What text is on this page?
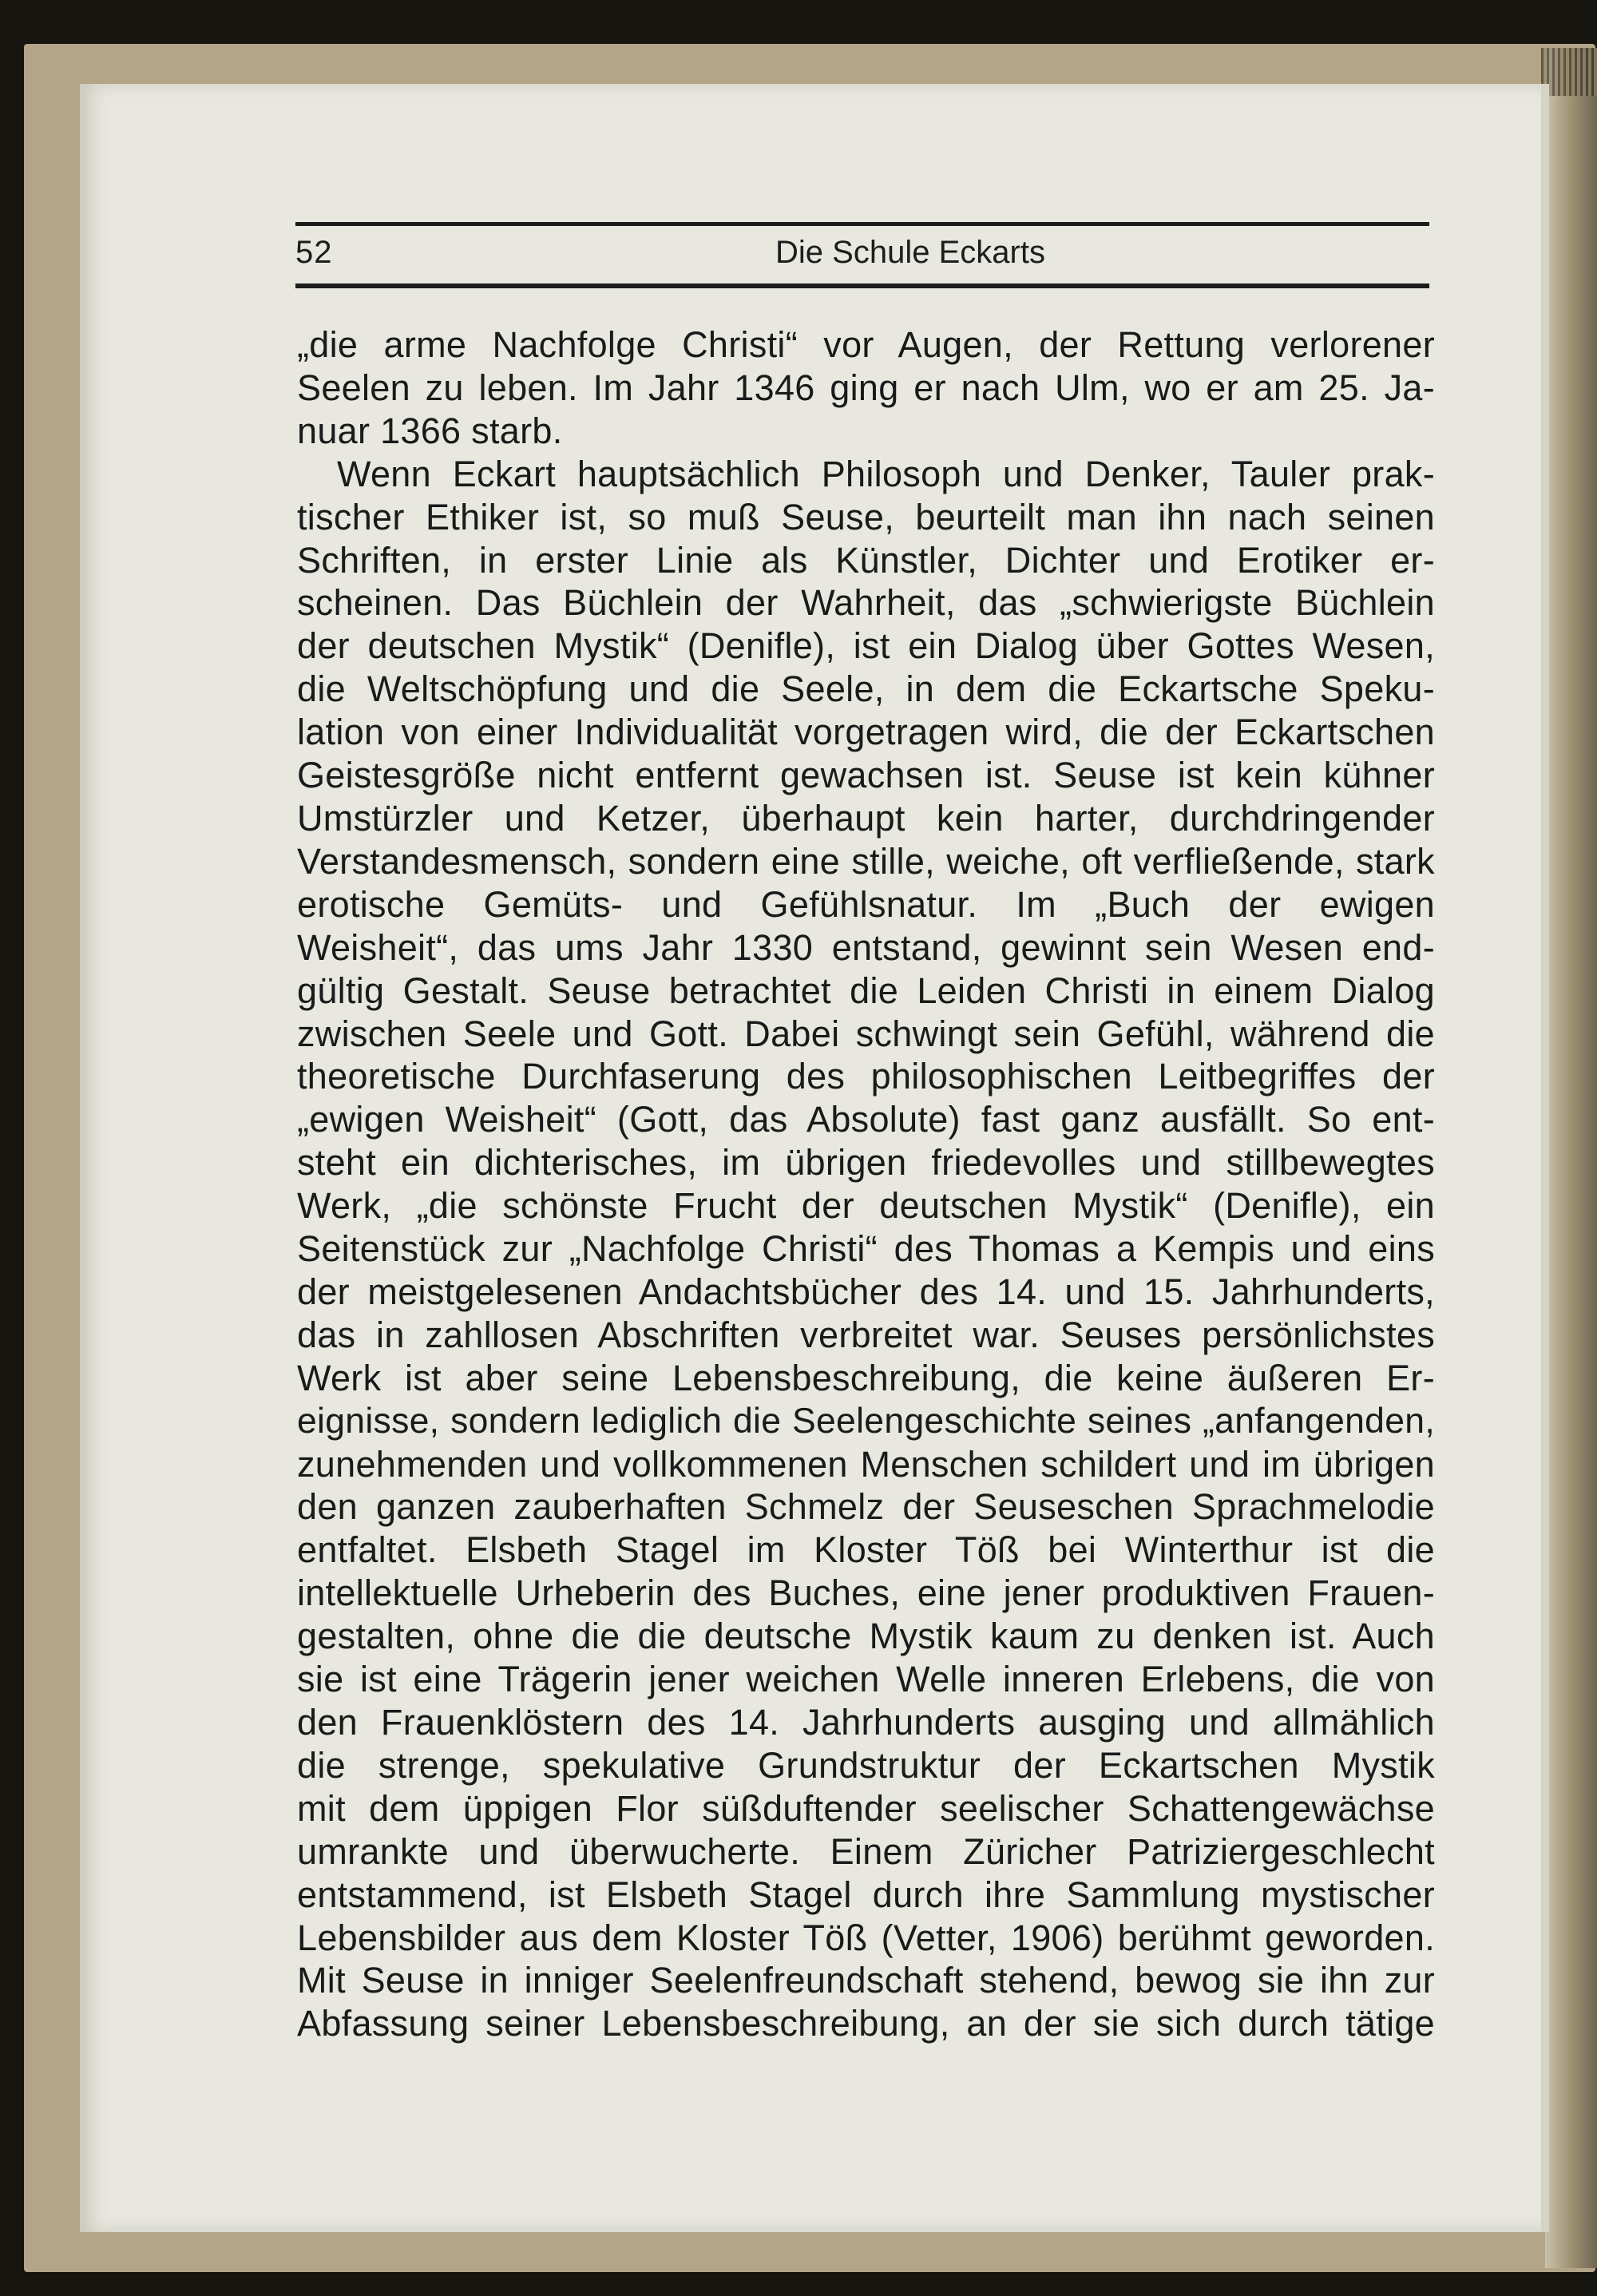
52	Die Schule Eckarts
„die arme Nachfolge Christi“ vor Augen, der Rettung verlorener
Seelen zu leben. Im Jahr 1346 ging er nach Ulm, wo er am 25. Ja-
nuar 1366 starb.
Wenn Eckart hauptsächlich Philosoph und Denker, Tauler prak-
tischer Ethiker ist, so muß Seuse, beurteilt man ihn nach seinen
Schriften, in erster Linie als Künstler, Dichter und Erotiker er-
scheinen. Das Büchlein der Wahrheit, das „schwierigste Büchlein
der deutschen Mystik“ (Denifle), ist ein Dialog über Gottes Wesen,
die Weltschöpfung und die Seele, in dem die Eckartsche Speku-
lation von einer Individualität vorgetragen wird, die der Eckartschen
Geistesgröße nicht entfernt gewachsen ist. Seuse ist kein kühner
Umstürzler und Ketzer, überhaupt kein harter, durchdringender
Verstandesmensch, sondern eine stille, weiche, oft verfließende, stark
erotische Gemüts- und Gefühlsnatur. Im „Buch der ewigen
Weisheit“, das ums Jahr 1330 entstand, gewinnt sein Wesen end-
gültig Gestalt. Seuse betrachtet die Leiden Christi in einem Dialog
zwischen Seele und Gott. Dabei schwingt sein Gefühl, während die
theoretische Durchfaserung des philosophischen Leitbegriffes der
„ewigen Weisheit“ (Gott, das Absolute) fast ganz ausfällt. So ent-
steht ein dichterisches, im übrigen friedevolles und stillbewegtes
Werk, „die schönste Frucht der deutschen Mystik“ (Denifle), ein
Seitenstück zur „Nachfolge Christi“ des Thomas a Kempis und eins
der meistgelesenen Andachtsbücher des 14. und 15. Jahrhunderts,
das in zahllosen Abschriften verbreitet war. Seuses persönlichstes
Werk ist aber seine Lebensbeschreibung, die keine äußeren Er-
eignisse, sondern lediglich die Seelengeschichte seines „anfangenden,
zunehmenden und vollkommenen Menschen schildert und im übrigen
den ganzen zauberhaften Schmelz der Seuseschen Sprachmelodie
entfaltet. Elsbeth Stagel im Kloster Töß bei Winterthur ist die
intellektuelle Urheberin des Buches, eine jener produktiven Frauen-
gestalten, ohne die die deutsche Mystik kaum zu denken ist. Auch
sie ist eine Trägerin jener weichen Welle inneren Erlebens, die von
den Frauenklöstern des 14. Jahrhunderts ausging und allmählich
die strenge, spekulative Grundstruktur der Eckartschen Mystik
mit dem üppigen Flor süßduftender seelischer Schattengewächse
umrankte und überwucherte. Einem Züricher Patriziergeschlecht
entstammend, ist Elsbeth Stagel durch ihre Sammlung mystischer
Lebensbilder aus dem Kloster Töß (Vetter, 1906) berühmt geworden.
Mit Seuse in inniger Seelenfreundschaft stehend, bewog sie ihn zur
Abfassung seiner Lebensbeschreibung, an der sie sich durch tätige
